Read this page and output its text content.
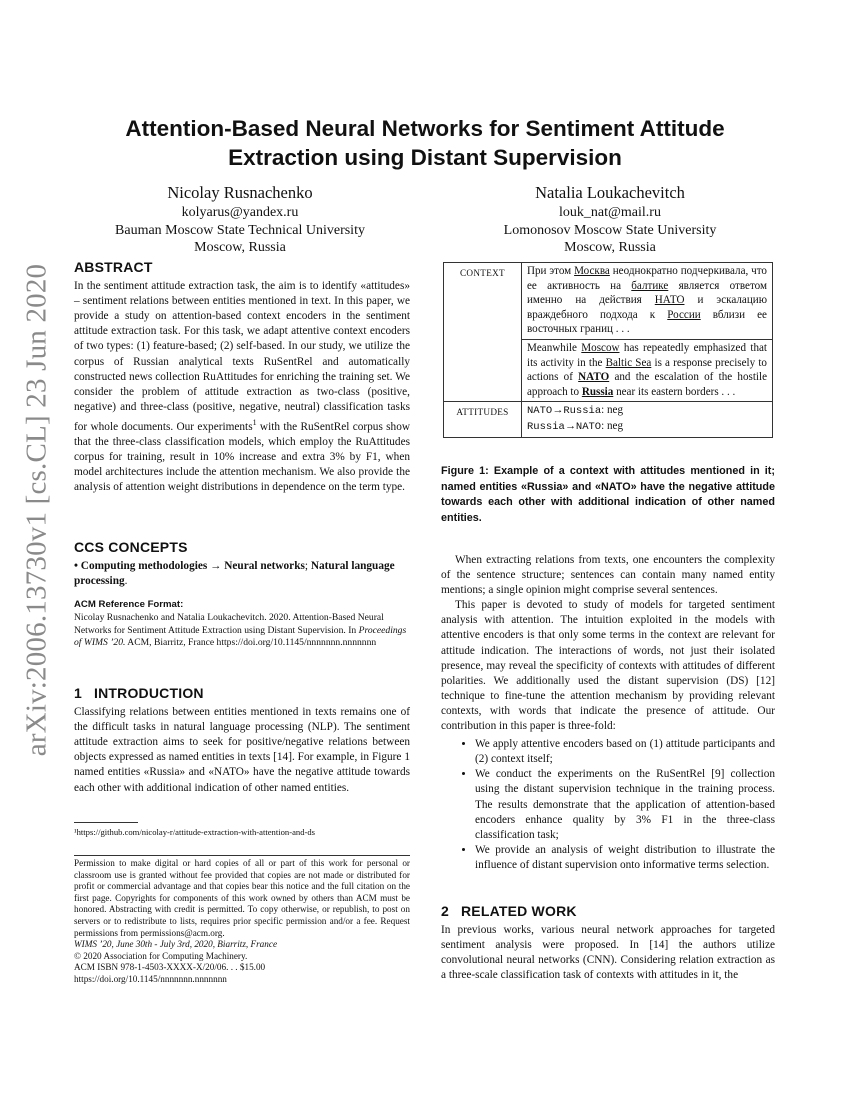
arXiv:2006.13730v1 [cs.CL] 23 Jun 2020
Attention-Based Neural Networks for Sentiment Attitude
Extraction using Distant Supervision
Nicolay Rusnachenko
kolyarus@yandex.ru
Bauman Moscow State Technical University
Moscow, Russia
Natalia Loukachevitch
louk_nat@mail.ru
Lomonosov Moscow State University
Moscow, Russia
ABSTRACT

In the sentiment attitude extraction task, the aim is to identify «attitudes» – sentiment relations between entities mentioned in text. In this paper, we provide a study on attention-based context encoders in the sentiment attitude extraction task. For this task, we adapt attentive context encoders of two types: (1) feature-based; (2) self-based. In our study, we utilize the corpus of Russian analytical texts RuSentRel and automatically constructed news collection RuAttitudes for enriching the training set. We consider the problem of attitude extraction as two-class (positive, negative) and three-class (positive, negative, neutral) classification tasks for whole documents. Our experiments$^1$ with the RuSentRel corpus show that the three-class classification models, which employ the RuAttitudes corpus for training, result in 10% increase and extra 3% by F1, when model architectures include the attention mechanism. We also provide the analysis of attention weight distributions in dependence on the term type.

CCS CONCEPTS

• Computing methodologies → Neural networks; Natural language processing.

ACM Reference Format:

Nicolay Rusnachenko and Natalia Loukachevitch. 2020. Attention-Based Neural Networks for Sentiment Attitude Extraction using Distant Supervision. In Proceedings of WIMS ’20. ACM, Biarritz, France https://doi.org/10.1145/nnnnnnn.nnnnnnn

1 INTRODUCTION

Classifying relations between entities mentioned in texts remains one of the difficult tasks in natural language processing (NLP). The sentiment attitude extraction aims to seek for positive/negative relations between objects expressed as named entities in texts [14]. For example, in Figure 1 named entities «Russia» and «NATO» have the negative attitude towards each other with additional indication of other named entities.

¹https://github.com/nicolay-r/attitude-extraction-with-attention-and-ds

Permission to make digital or hard copies of all or part of this work for personal or classroom use is granted without fee provided that copies are not made or distributed for profit or commercial advantage and that copies bear this notice and the full citation on the first page. Copyrights for components of this work owned by others than ACM must be honored. Abstracting with credit is permitted. To copy otherwise, or republish, to post on servers or to redistribute to lists, requires prior specific permission and/or a fee. Request permissions from permissions@acm.org.

WIMS ’20, June 30th - July 3rd, 2020, Biarritz, France

© 2020 Association for Computing Machinery.

ACM ISBN 978-1-4503-XXXX-X/20/06. . . $15.00

https://doi.org/10.1145/nnnnnnn.nnnnnnn

CONTEXT	При этом Москва неоднократно подчеркивала, что ее активность на балтике является ответом именно на действия НАТО и эскалацию враждебного подхода к России вблизи ее восточных границ . . .
	Meanwhile Moscow has repeatedly emphasized that its activity in the Baltic Sea is a response precisely to actions of NATO and the escalation of the hostile approach to Russia near its eastern borders . . .
ATTITUDES	NATO→Russia: neg
Russia→NATO: neg
Figure 1: Example of a context with attitudes mentioned in it; named entities «Russia» and «NATO» have the negative attitude towards each other with additional indication of other named entities.

When extracting relations from texts, one encounters the complexity of the sentence structure; sentences can contain many named entity mentions; a single opinion might comprise several sentences.

This paper is devoted to study of models for targeted sentiment analysis with attention. The intuition exploited in the models with attentive encoders is that only some terms in the context are relevant for attitude indication. The interactions of words, not just their isolated presence, may reveal the specificity of contexts with attitudes of different polarities. We additionally used the distant supervision (DS) [12] technique to fine-tune the attention mechanism by providing relevant contexts, with words that indicate the presence of attitude. Our contribution in this paper is three-fold:

• We apply attentive encoders based on (1) attitude participants and (2) context itself;
• We conduct the experiments on the RuSentRel [9] collection using the distant supervision technique in the training process. The results demonstrate that the application of attention-based encoders enhance quality by 3% F1 in the three-class classification task;
• We provide an analysis of weight distribution to illustrate the influence of distant supervision onto informative terms selection.
2 RELATED WORK

In previous works, various neural network approaches for targeted sentiment analysis were proposed. In [14] the authors utilize convolutional neural networks (CNN). Considering relation extraction as a three-scale classification task of contexts with attitudes in it, the
